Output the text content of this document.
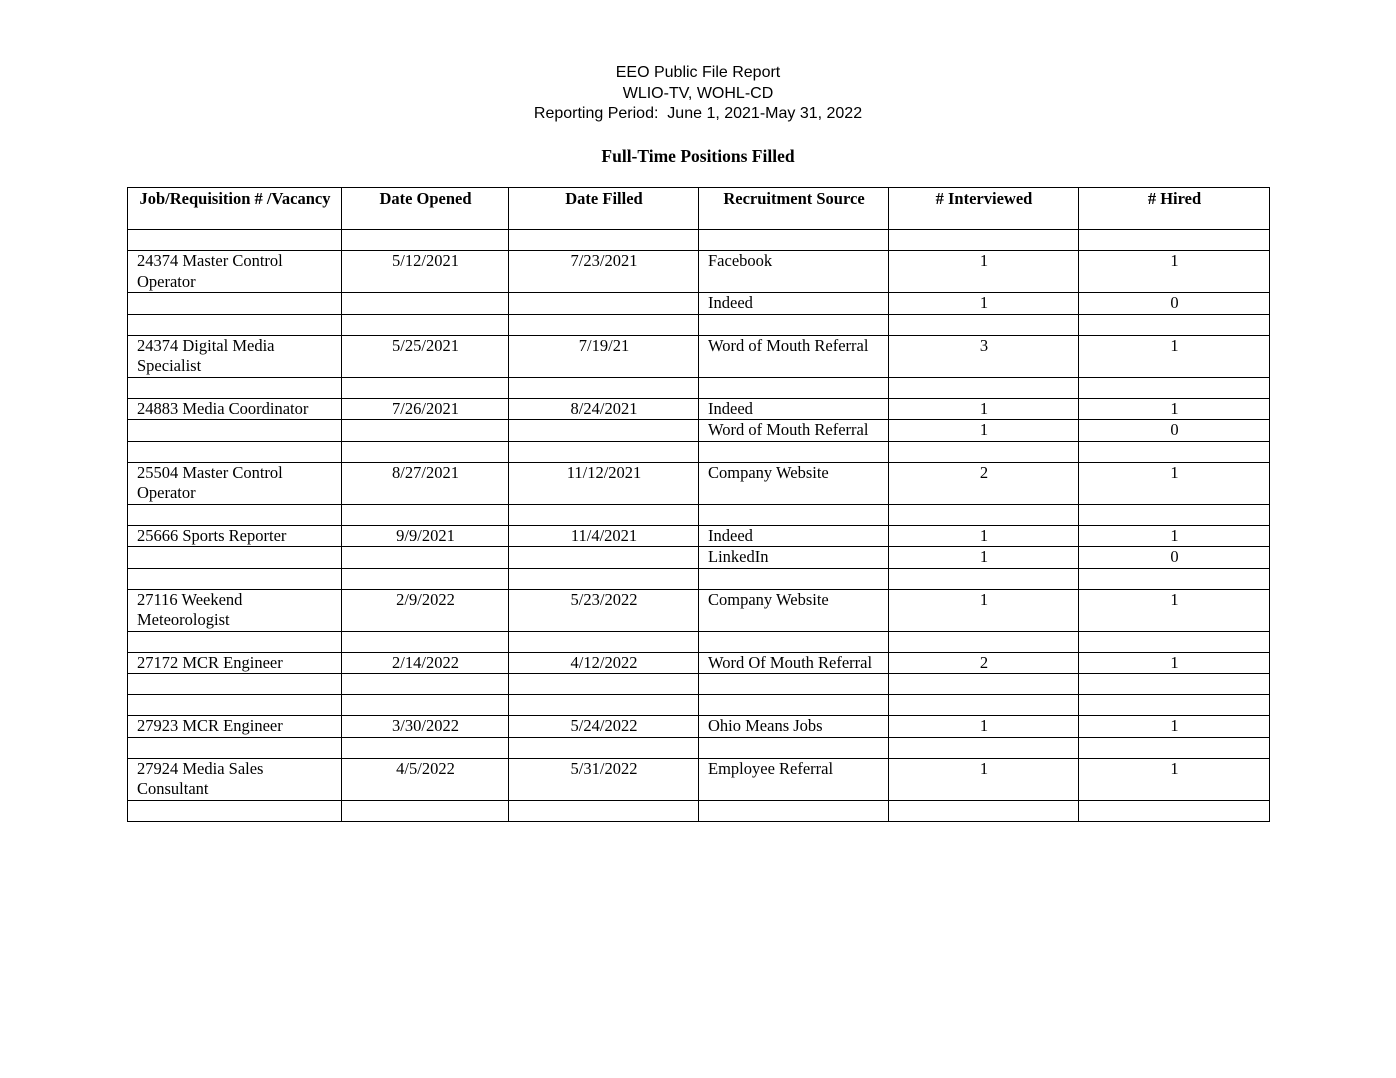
EEO Public File Report
WLIO-TV, WOHL-CD
Reporting Period:  June 1, 2021-May 31, 2022
Full-Time Positions Filled
Job/Requisition # /Vacancy	Date Opened	Date Filled	Recruitment Source	# Interviewed	# Hired

24374 Master Control Operator	5/12/2021	7/23/2021	Facebook	1	1
			Indeed	1	0

24374 Digital Media Specialist	5/25/2021	7/19/21	Word of Mouth Referral	3	1

24883 Media Coordinator	7/26/2021	8/24/2021	Indeed	1	1
			Word of Mouth Referral	1	0

25504 Master Control Operator	8/27/2021	11/12/2021	Company Website	2	1

25666 Sports Reporter	9/9/2021	11/4/2021	Indeed	1	1
			LinkedIn	1	0

27116 Weekend Meteorologist	2/9/2022	5/23/2022	Company Website	1	1

27172 MCR Engineer	2/14/2022	4/12/2022	Word Of Mouth Referral	2	1

27923 MCR Engineer	3/30/2022	5/24/2022	Ohio Means Jobs	1	1

27924 Media Sales Consultant	4/5/2022	5/31/2022	Employee Referral	1	1
